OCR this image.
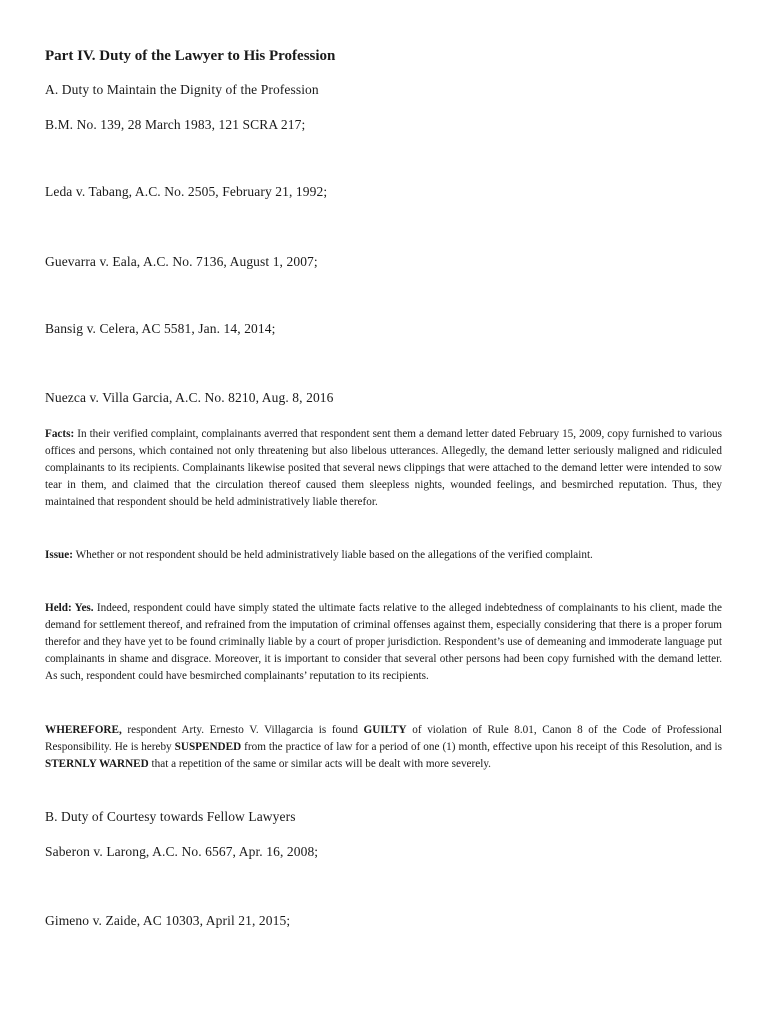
Part IV. Duty of the Lawyer to His Profession

A. Duty to Maintain the Dignity of the Profession

B.M. No. 139, 28 March 1983, 121 SCRA 217;

Leda v. Tabang, A.C. No. 2505, February 21, 1992;

Guevarra v. Eala, A.C. No. 7136, August 1, 2007;

Bansig v. Celera, AC 5581, Jan. 14, 2014;

Nuezca v. Villa Garcia, A.C. No. 8210, Aug. 8, 2016

Facts: In their verified complaint, complainants averred that respondent sent them a demand letter dated February 15, 2009, copy furnished to various offices and persons, which contained not only threatening but also libelous utterances. Allegedly, the demand letter seriously maligned and ridiculed complainants to its recipients. Complainants likewise posited that several news clippings that were attached to the demand letter were intended to sow tear in them, and claimed that the circulation thereof caused them sleepless nights, wounded feelings, and besmirched reputation. Thus, they maintained that respondent should be held administratively liable therefor.

Issue: Whether or not respondent should be held administratively liable based on the allegations of the verified complaint.

Held: Yes. Indeed, respondent could have simply stated the ultimate facts relative to the alleged indebtedness of complainants to his client, made the demand for settlement thereof, and refrained from the imputation of criminal offenses against them, especially considering that there is a proper forum therefor and they have yet to be found criminally liable by a court of proper jurisdiction. Respondent’s use of demeaning and immoderate language put complainants in shame and disgrace. Moreover, it is important to consider that several other persons had been copy furnished with the demand letter. As such, respondent could have besmirched complainants’ reputation to its recipients.

WHEREFORE, respondent Arty. Ernesto V. Villagarcia is found GUILTY of violation of Rule 8.01, Canon 8 of the Code of Professional Responsibility. He is hereby SUSPENDED from the practice of law for a period of one (1) month, effective upon his receipt of this Resolution, and is STERNLY WARNED that a repetition of the same or similar acts will be dealt with more severely.

B. Duty of Courtesy towards Fellow Lawyers

Saberon v. Larong, A.C. No. 6567, Apr. 16, 2008;

Gimeno v. Zaide, AC 10303, April 21, 2015;
